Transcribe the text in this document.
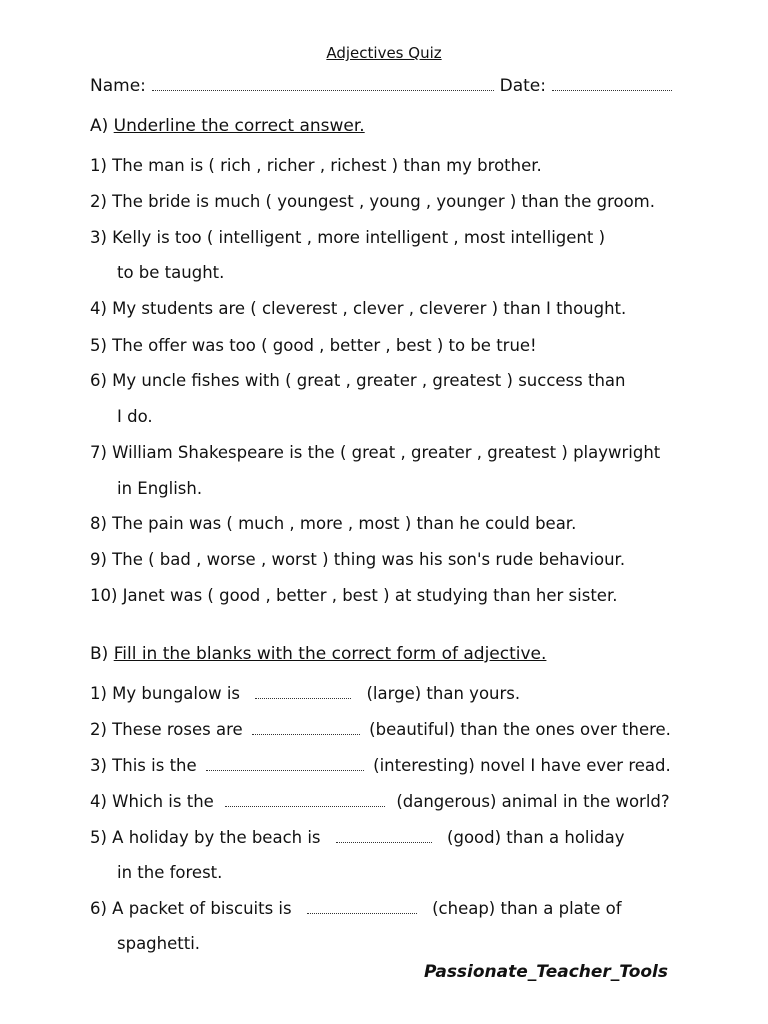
Adjectives Quiz
Name:	Date:
A) Underline the correct answer.
1) The man is ( rich , richer , richest ) than my brother.
2) The bride is much ( youngest , young , younger ) than the groom.
3) Kelly is too ( intelligent , more intelligent , most intelligent )
to be taught.
4) My students are ( cleverest , clever , cleverer ) than I thought.
5) The offer was too ( good , better , best ) to be true!
6) My uncle fishes with ( great , greater , greatest ) success than
I do.
7) William Shakespeare is the ( great , greater , greatest ) playwright
in English.
8) The pain was ( much , more , most ) than he could bear.
9) The ( bad , worse , worst ) thing was his son's rude behaviour.
10) Janet was ( good , better , best ) at studying than her sister.
B) Fill in the blanks with the correct form of adjective.
1) My bungalow is	(large) than yours.
2) These roses are	(beautiful) than the ones over there.
3) This is the	(interesting) novel I have ever read.
4) Which is the	(dangerous) animal in the world?
5) A holiday by the beach is	(good) than a holiday
in the forest.
6) A packet of biscuits is	(cheap) than a plate of
spaghetti.
Passionate_Teacher_Tools
